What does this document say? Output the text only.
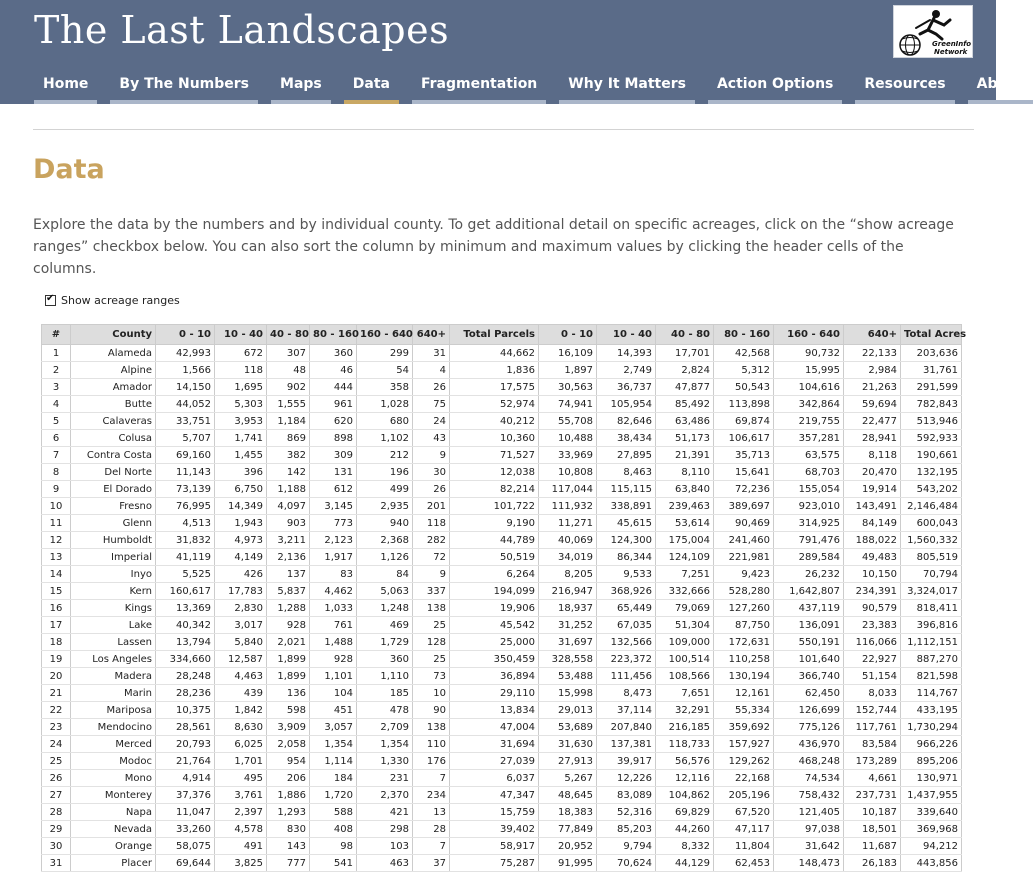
The Last Landscapes	GreenInfo
Network
Home	By The Numbers	Maps	Data	Fragmentation	Why It Matters	Action Options	Resources	About
Data

Explore the data by the numbers and by individual county. To get additional detail on specific acreages, click on the “show acreage ranges” checkbox below. You can also sort the column by minimum and maximum values by clicking the header cells of the columns.

✔
Show acreage ranges
#	County	0 - 10	10 - 40	40 - 80	80 - 160	160 - 640	640+	Total Parcels	0 - 10	10 - 40	40 - 80	80 - 160	160 - 640	640+	Total Acres
1	Alameda	42,993	672	307	360	299	31	44,662	16,109	14,393	17,701	42,568	90,732	22,133	203,636
2	Alpine	1,566	118	48	46	54	4	1,836	1,897	2,749	2,824	5,312	15,995	2,984	31,761
3	Amador	14,150	1,695	902	444	358	26	17,575	30,563	36,737	47,877	50,543	104,616	21,263	291,599
4	Butte	44,052	5,303	1,555	961	1,028	75	52,974	74,941	105,954	85,492	113,898	342,864	59,694	782,843
5	Calaveras	33,751	3,953	1,184	620	680	24	40,212	55,708	82,646	63,486	69,874	219,755	22,477	513,946
6	Colusa	5,707	1,741	869	898	1,102	43	10,360	10,488	38,434	51,173	106,617	357,281	28,941	592,933
7	Contra Costa	69,160	1,455	382	309	212	9	71,527	33,969	27,895	21,391	35,713	63,575	8,118	190,661
8	Del Norte	11,143	396	142	131	196	30	12,038	10,808	8,463	8,110	15,641	68,703	20,470	132,195
9	El Dorado	73,139	6,750	1,188	612	499	26	82,214	117,044	115,115	63,840	72,236	155,054	19,914	543,202
10	Fresno	76,995	14,349	4,097	3,145	2,935	201	101,722	111,932	338,891	239,463	389,697	923,010	143,491	2,146,484
11	Glenn	4,513	1,943	903	773	940	118	9,190	11,271	45,615	53,614	90,469	314,925	84,149	600,043
12	Humboldt	31,832	4,973	3,211	2,123	2,368	282	44,789	40,069	124,300	175,004	241,460	791,476	188,022	1,560,332
13	Imperial	41,119	4,149	2,136	1,917	1,126	72	50,519	34,019	86,344	124,109	221,981	289,584	49,483	805,519
14	Inyo	5,525	426	137	83	84	9	6,264	8,205	9,533	7,251	9,423	26,232	10,150	70,794
15	Kern	160,617	17,783	5,837	4,462	5,063	337	194,099	216,947	368,926	332,666	528,280	1,642,807	234,391	3,324,017
16	Kings	13,369	2,830	1,288	1,033	1,248	138	19,906	18,937	65,449	79,069	127,260	437,119	90,579	818,411
17	Lake	40,342	3,017	928	761	469	25	45,542	31,252	67,035	51,304	87,750	136,091	23,383	396,816
18	Lassen	13,794	5,840	2,021	1,488	1,729	128	25,000	31,697	132,566	109,000	172,631	550,191	116,066	1,112,151
19	Los Angeles	334,660	12,587	1,899	928	360	25	350,459	328,558	223,372	100,514	110,258	101,640	22,927	887,270
20	Madera	28,248	4,463	1,899	1,101	1,110	73	36,894	53,488	111,456	108,566	130,194	366,740	51,154	821,598
21	Marin	28,236	439	136	104	185	10	29,110	15,998	8,473	7,651	12,161	62,450	8,033	114,767
22	Mariposa	10,375	1,842	598	451	478	90	13,834	29,013	37,114	32,291	55,334	126,699	152,744	433,195
23	Mendocino	28,561	8,630	3,909	3,057	2,709	138	47,004	53,689	207,840	216,185	359,692	775,126	117,761	1,730,294
24	Merced	20,793	6,025	2,058	1,354	1,354	110	31,694	31,630	137,381	118,733	157,927	436,970	83,584	966,226
25	Modoc	21,764	1,701	954	1,114	1,330	176	27,039	27,913	39,917	56,576	129,262	468,248	173,289	895,206
26	Mono	4,914	495	206	184	231	7	6,037	5,267	12,226	12,116	22,168	74,534	4,661	130,971
27	Monterey	37,376	3,761	1,886	1,720	2,370	234	47,347	48,645	83,089	104,862	205,196	758,432	237,731	1,437,955
28	Napa	11,047	2,397	1,293	588	421	13	15,759	18,383	52,316	69,829	67,520	121,405	10,187	339,640
29	Nevada	33,260	4,578	830	408	298	28	39,402	77,849	85,203	44,260	47,117	97,038	18,501	369,968
30	Orange	58,075	491	143	98	103	7	58,917	20,952	9,794	8,332	11,804	31,642	11,687	94,212
31	Placer	69,644	3,825	777	541	463	37	75,287	91,995	70,624	44,129	62,453	148,473	26,183	443,856
